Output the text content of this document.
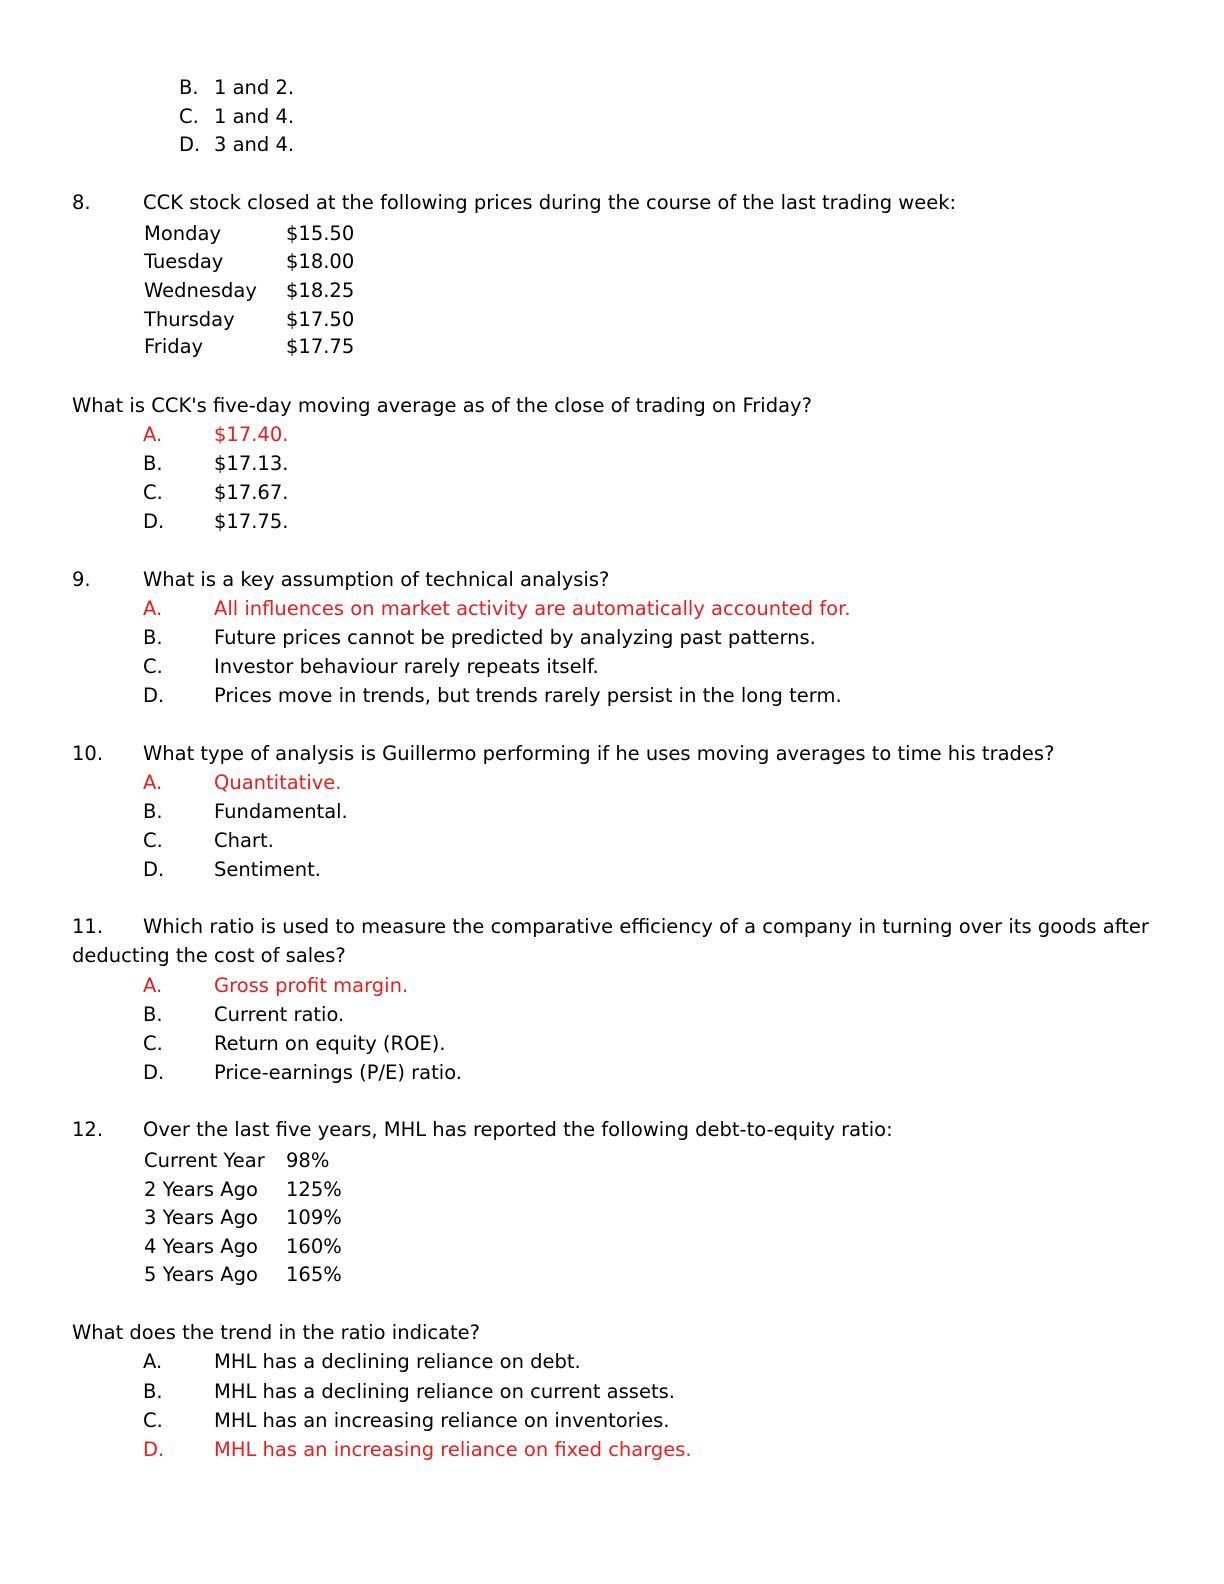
B. 1 and 2.
C. 1 and 4.
D. 3 and 4.
8.	CCK stock closed at the following prices during the course of the last trading week:
Monday	$15.50
Tuesday	$18.00
Wednesday $18.25
Thursday	$17.50
Friday	$17.75
What is CCK's five-day moving average as of the close of trading on Friday?
A.	$17.40.
B.	$17.13.
C.	$17.67.
D.	$17.75.
9.	What is a key assumption of technical analysis?
A.	All influences on market activity are automatically accounted for.
B.	Future prices cannot be predicted by analyzing past patterns.
C.	Investor behaviour rarely repeats itself.
D.	Prices move in trends, but trends rarely persist in the long term.
10. What type of analysis is Guillermo performing if he uses moving averages to time his trades?
A.	Quantitative.
B.	Fundamental.
C.	Chart.
D.	Sentiment.
11. Which ratio is used to measure the comparative efficiency of a company in turning over its goods after
deducting the cost of sales?
A.	Gross profit margin.
B.	Current ratio.
C.	Return on equity (ROE).
D.	Price-earnings (P/E) ratio.
12. Over the last five years, MHL has reported the following debt-to-equity ratio:
Current Year 98%
2 Years Ago 125%
3 Years Ago 109%
4 Years Ago 160%
5 Years Ago 165%
What does the trend in the ratio indicate?
A.	MHL has a declining reliance on debt.
B.	MHL has a declining reliance on current assets.
C.	MHL has an increasing reliance on inventories.
D.	MHL has an increasing reliance on fixed charges.
